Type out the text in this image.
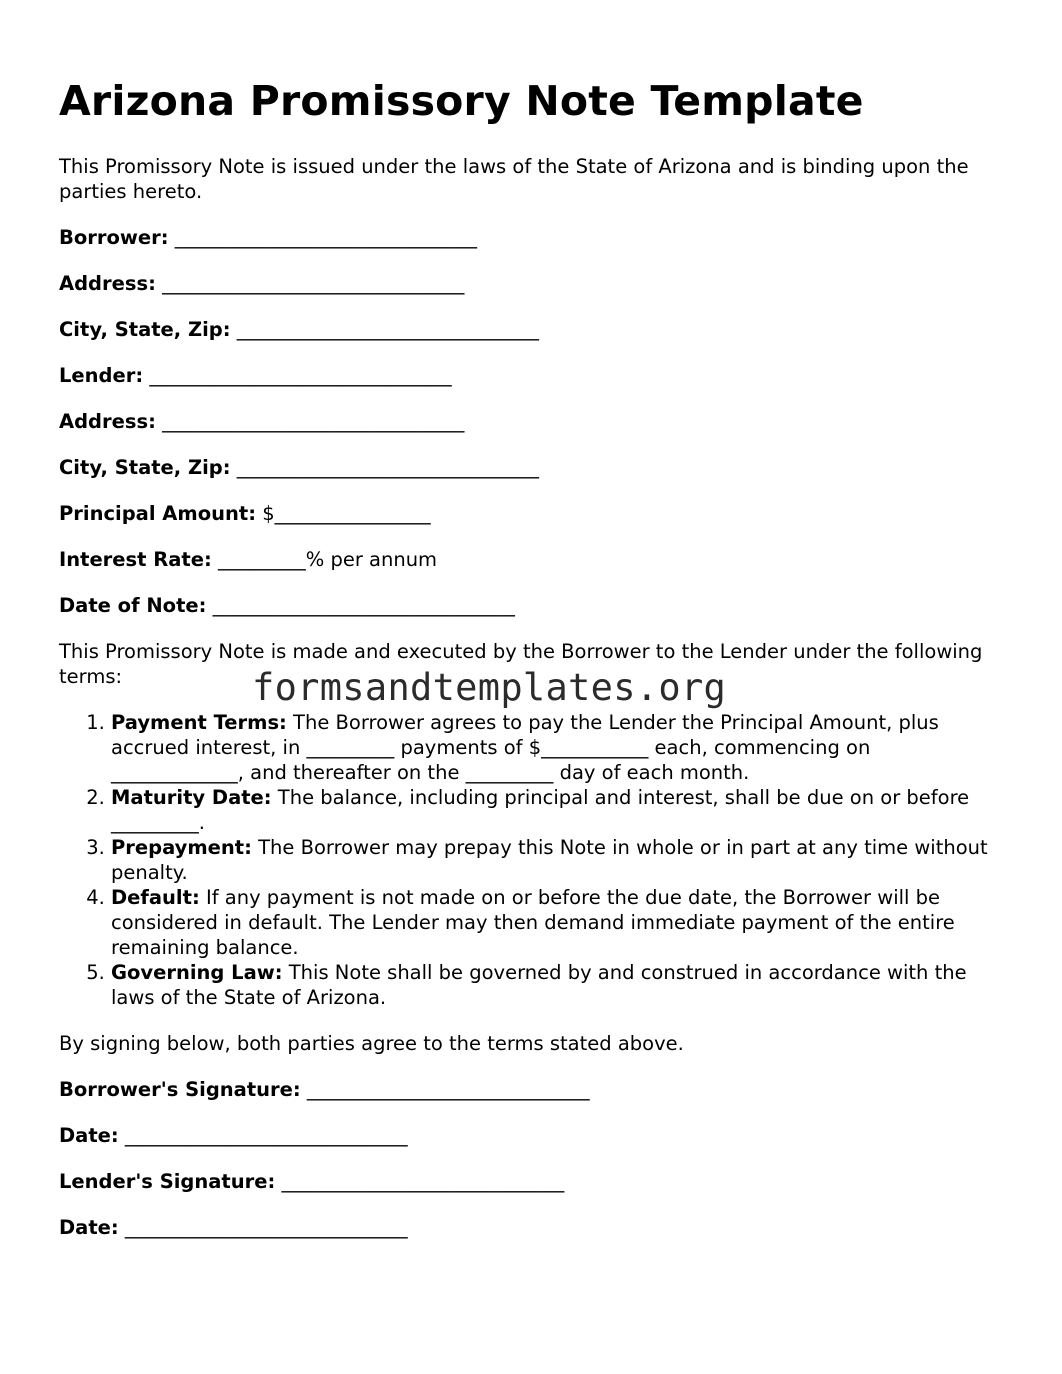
Arizona Promissory Note Template

This Promissory Note is issued under the laws of the State of Arizona and is binding upon the parties hereto.

Borrower: _______________________________

Address: _______________________________

City, State, Zip: _______________________________

Lender: _______________________________

Address: _______________________________

City, State, Zip: _______________________________

Principal Amount: $________________

Interest Rate: _________% per annum

Date of Note: _______________________________

This Promissory Note is made and executed by the Borrower to the Lender under the following terms:

1. Payment Terms: The Borrower agrees to pay the Lender the Principal Amount, plus accrued interest, in _________ payments of $___________ each, commencing on _____________, and thereafter on the _________ day of each month.
2. Maturity Date: The balance, including principal and interest, shall be due on or before _________.
3. Prepayment: The Borrower may prepay this Note in whole or in part at any time without penalty.
4. Default: If any payment is not made on or before the due date, the Borrower will be considered in default. The Lender may then demand immediate payment of the entire remaining balance.
5. Governing Law: This Note shall be governed by and construed in accordance with the laws of the State of Arizona.

By signing below, both parties agree to the terms stated above.

Borrower's Signature: _____________________________

Date: _____________________________

Lender's Signature: _____________________________

Date: _____________________________

formsandtemplates.org
